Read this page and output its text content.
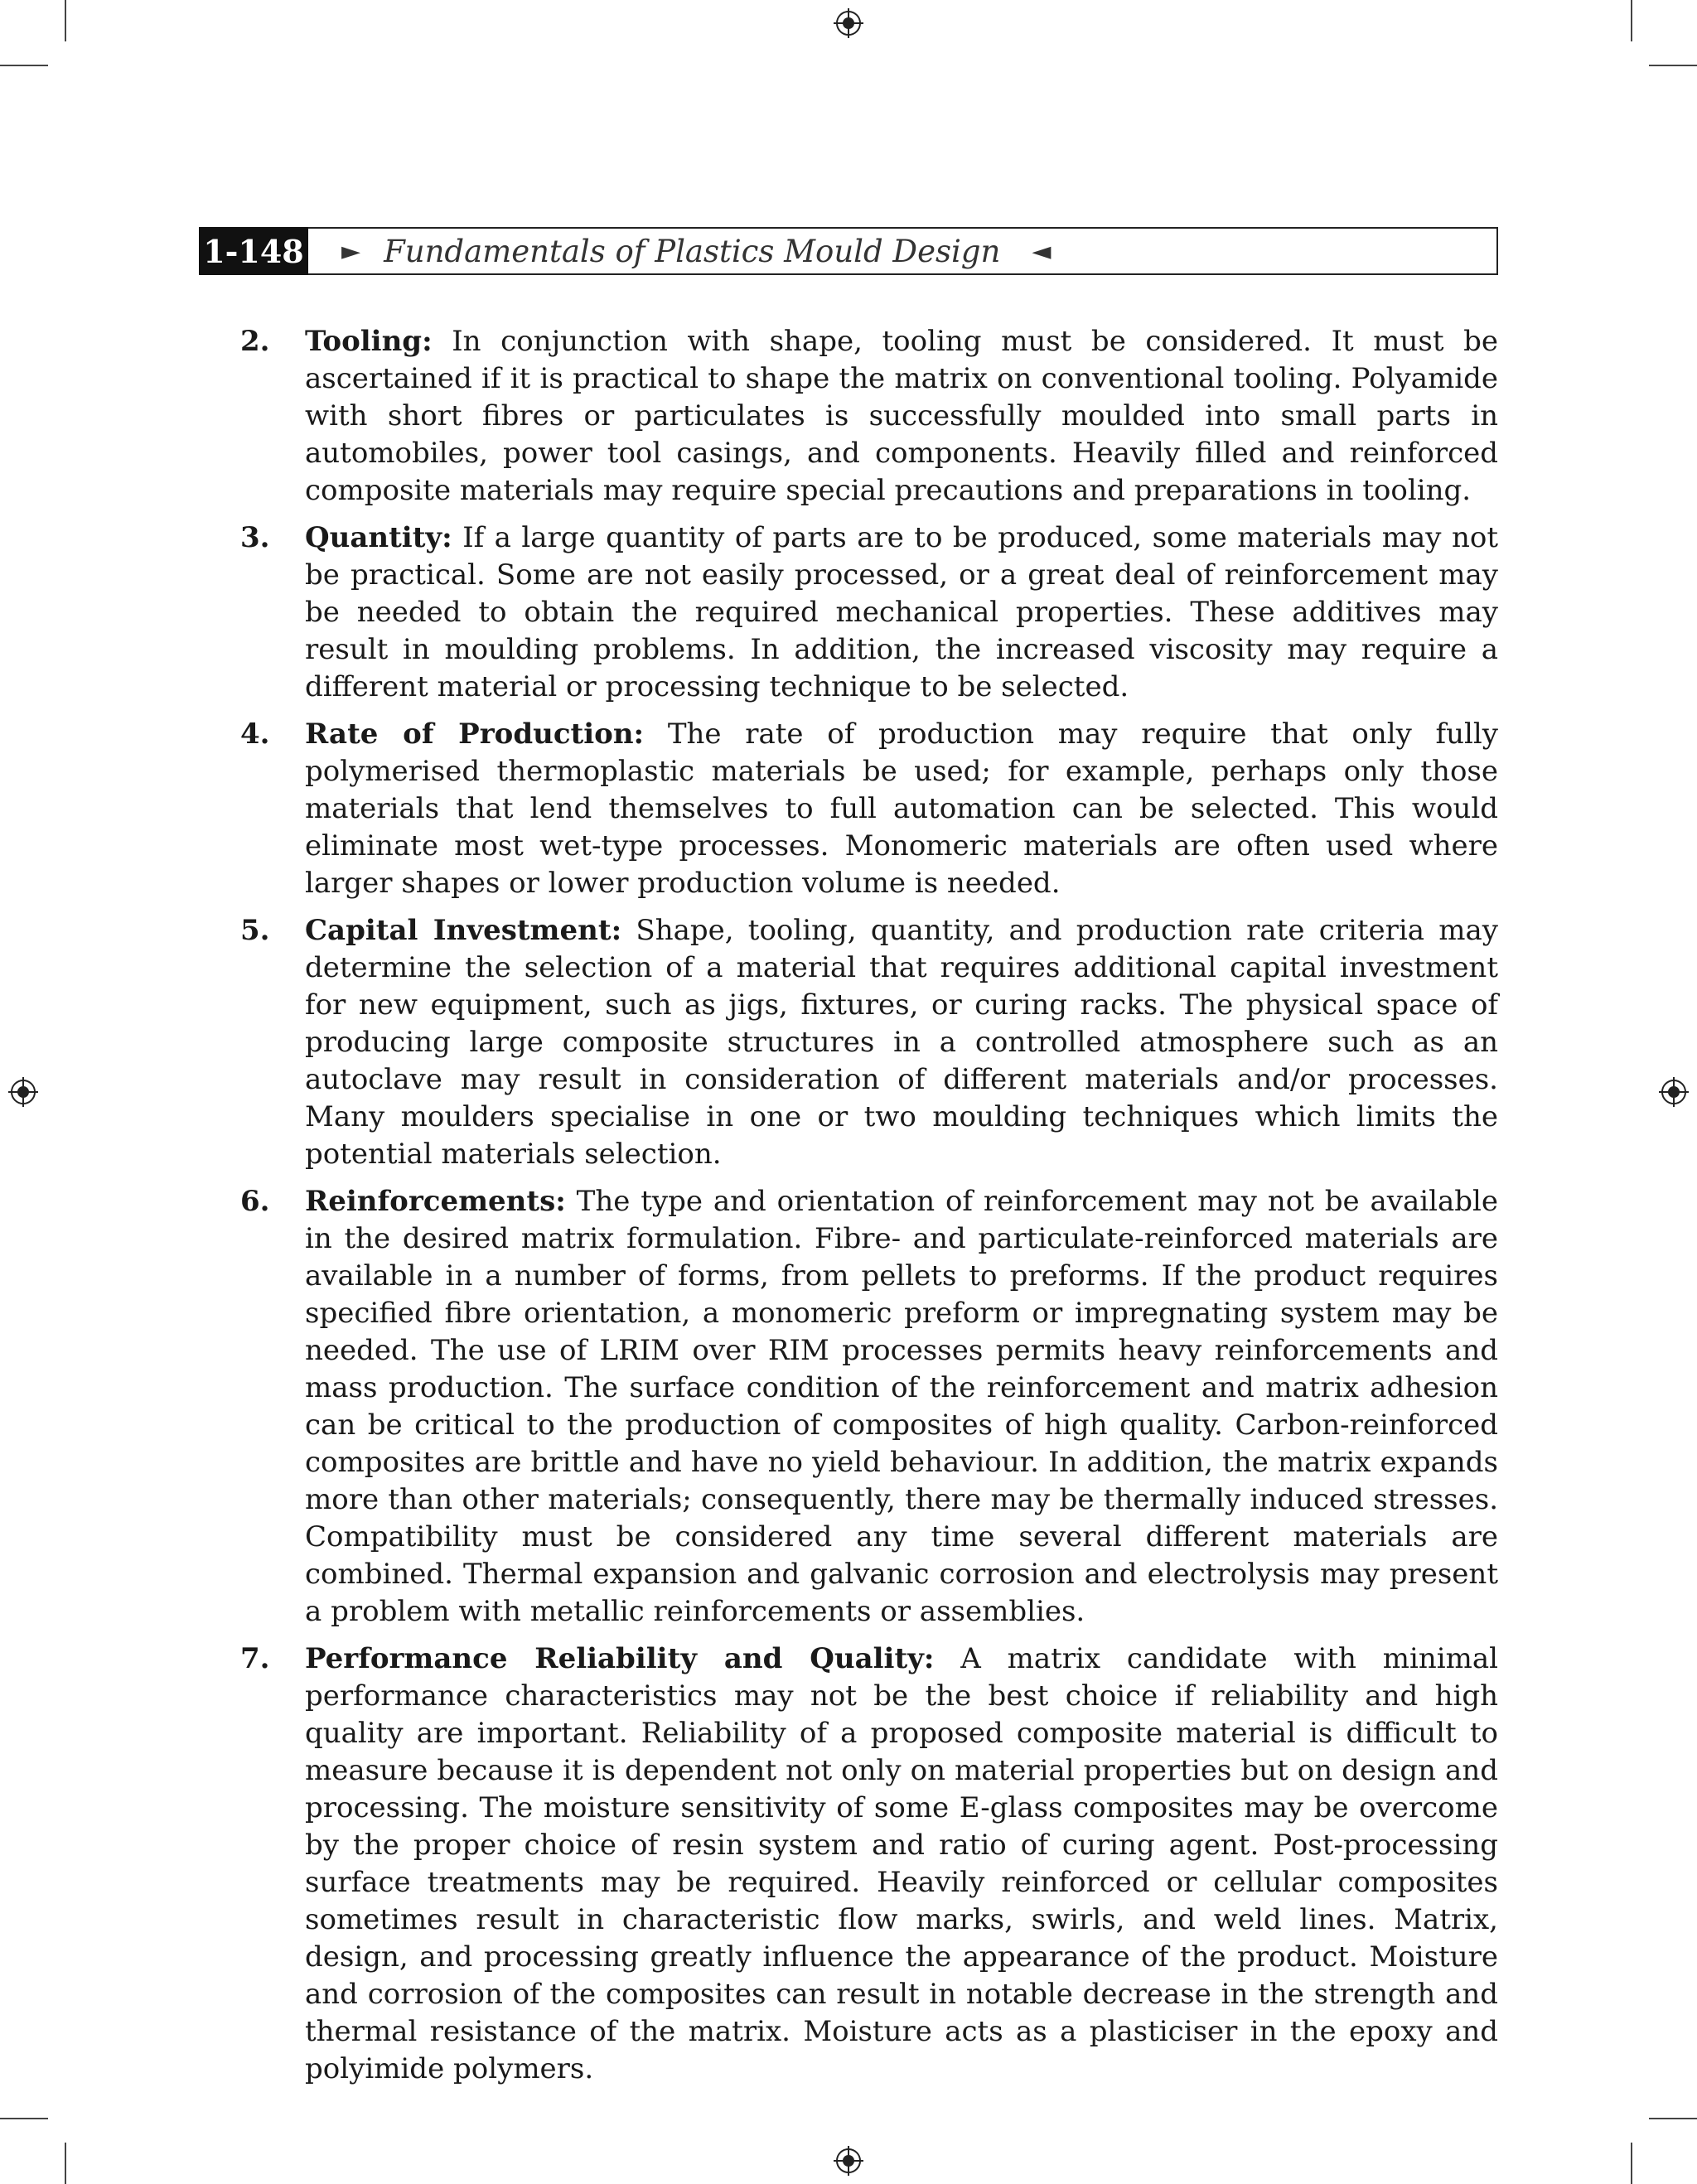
1-148 ► Fundamentals of Plastics Mould Design ◄
2.	Tooling: In conjunction with shape, tooling must be considered. It must be ascertained if it is practical to shape the matrix on conventional tooling. Polyamide with short fibres or particulates is successfully moulded into small parts in automobiles, power tool casings, and components. Heavily filled and reinforced composite materials may require special precautions and preparations in tooling.
3.	Quantity: If a large quantity of parts are to be produced, some materials may not be practical. Some are not easily processed, or a great deal of reinforcement may be needed to obtain the required mechanical properties. These additives may result in moulding problems. In addition, the increased viscosity may require a different material or processing technique to be selected.
4.	Rate of Production: The rate of production may require that only fully polymerised thermoplastic materials be used; for example, perhaps only those materials that lend themselves to full automation can be selected. This would eliminate most wet-type processes. Monomeric materials are often used where larger shapes or lower production volume is needed.
5.	Capital Investment: Shape, tooling, quantity, and production rate criteria may determine the selection of a material that requires additional capital investment for new equipment, such as jigs, fixtures, or curing racks. The physical space of producing large composite structures in a controlled atmosphere such as an autoclave may result in consideration of different materials and/or processes. Many moulders specialise in one or two moulding techniques which limits the potential materials selection.
6.	Reinforcements: The type and orientation of reinforcement may not be available in the desired matrix formulation. Fibre- and particulate-reinforced materials are available in a number of forms, from pellets to preforms. If the product requires specified fibre orientation, a monomeric preform or impregnating system may be needed. The use of LRIM over RIM processes permits heavy reinforcements and mass production. The surface condition of the reinforcement and matrix adhesion can be critical to the production of composites of high quality. Carbon-reinforced composites are brittle and have no yield behaviour. In addition, the matrix expands more than other materials; consequently, there may be thermally induced stresses. Compatibility must be considered any time several different materials are combined. Thermal expansion and galvanic corrosion and electrolysis may present a problem with metallic reinforcements or assemblies.
7.	Performance Reliability and Quality: A matrix candidate with minimal performance characteristics may not be the best choice if reliability and high quality are important. Reliability of a proposed composite material is difficult to measure because it is dependent not only on material properties but on design and processing. The moisture sensitivity of some E-glass composites may be overcome by the proper choice of resin system and ratio of curing agent. Post-processing surface treatments may be required. Heavily reinforced or cellular composites sometimes result in characteristic flow marks, swirls, and weld lines. Matrix, design, and processing greatly influence the appearance of the product. Moisture and corrosion of the composites can result in notable decrease in the strength and thermal resistance of the matrix. Moisture acts as a plasticiser in the epoxy and polyimide polymers.
